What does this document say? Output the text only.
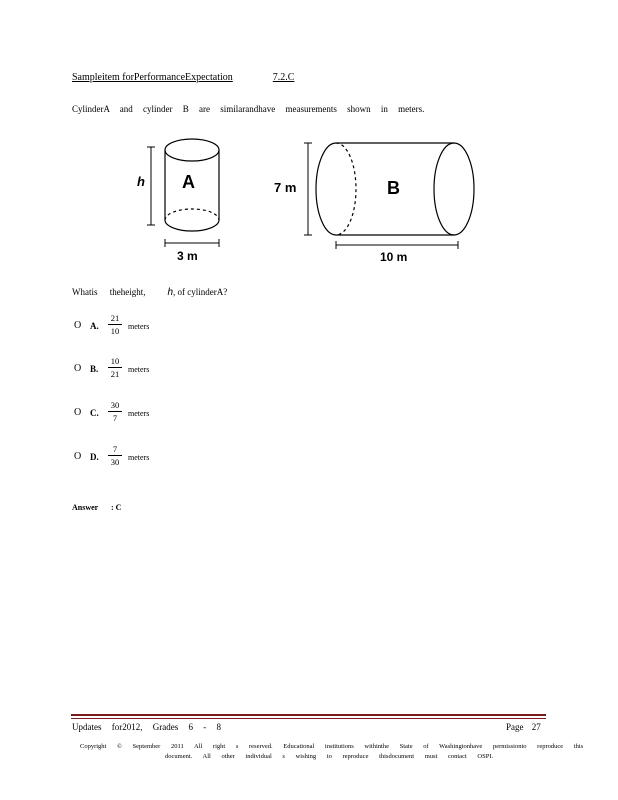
Sampleitem forPerformanceExpectation	7.2.C
CylinderA and cylinder B are similarandhave measurements shown in meters.
A	B
h
3 m
7 m
10 m
Whatis theheight, h, of cylinderA?
O A.
21
10	meters
O B.
10
21	meters
O C.
30
7	meters
O D.
7
30	meters
Answer : C
Updates for2012, Grades 6 - 8	Page 27
Copyright © September 2011 All right s reserved. Educational institutions withinthe State of Washingtonhave permissionto reproduce this
document. All other individual s wishing to reproduce thisdocument must contact OSPI.
